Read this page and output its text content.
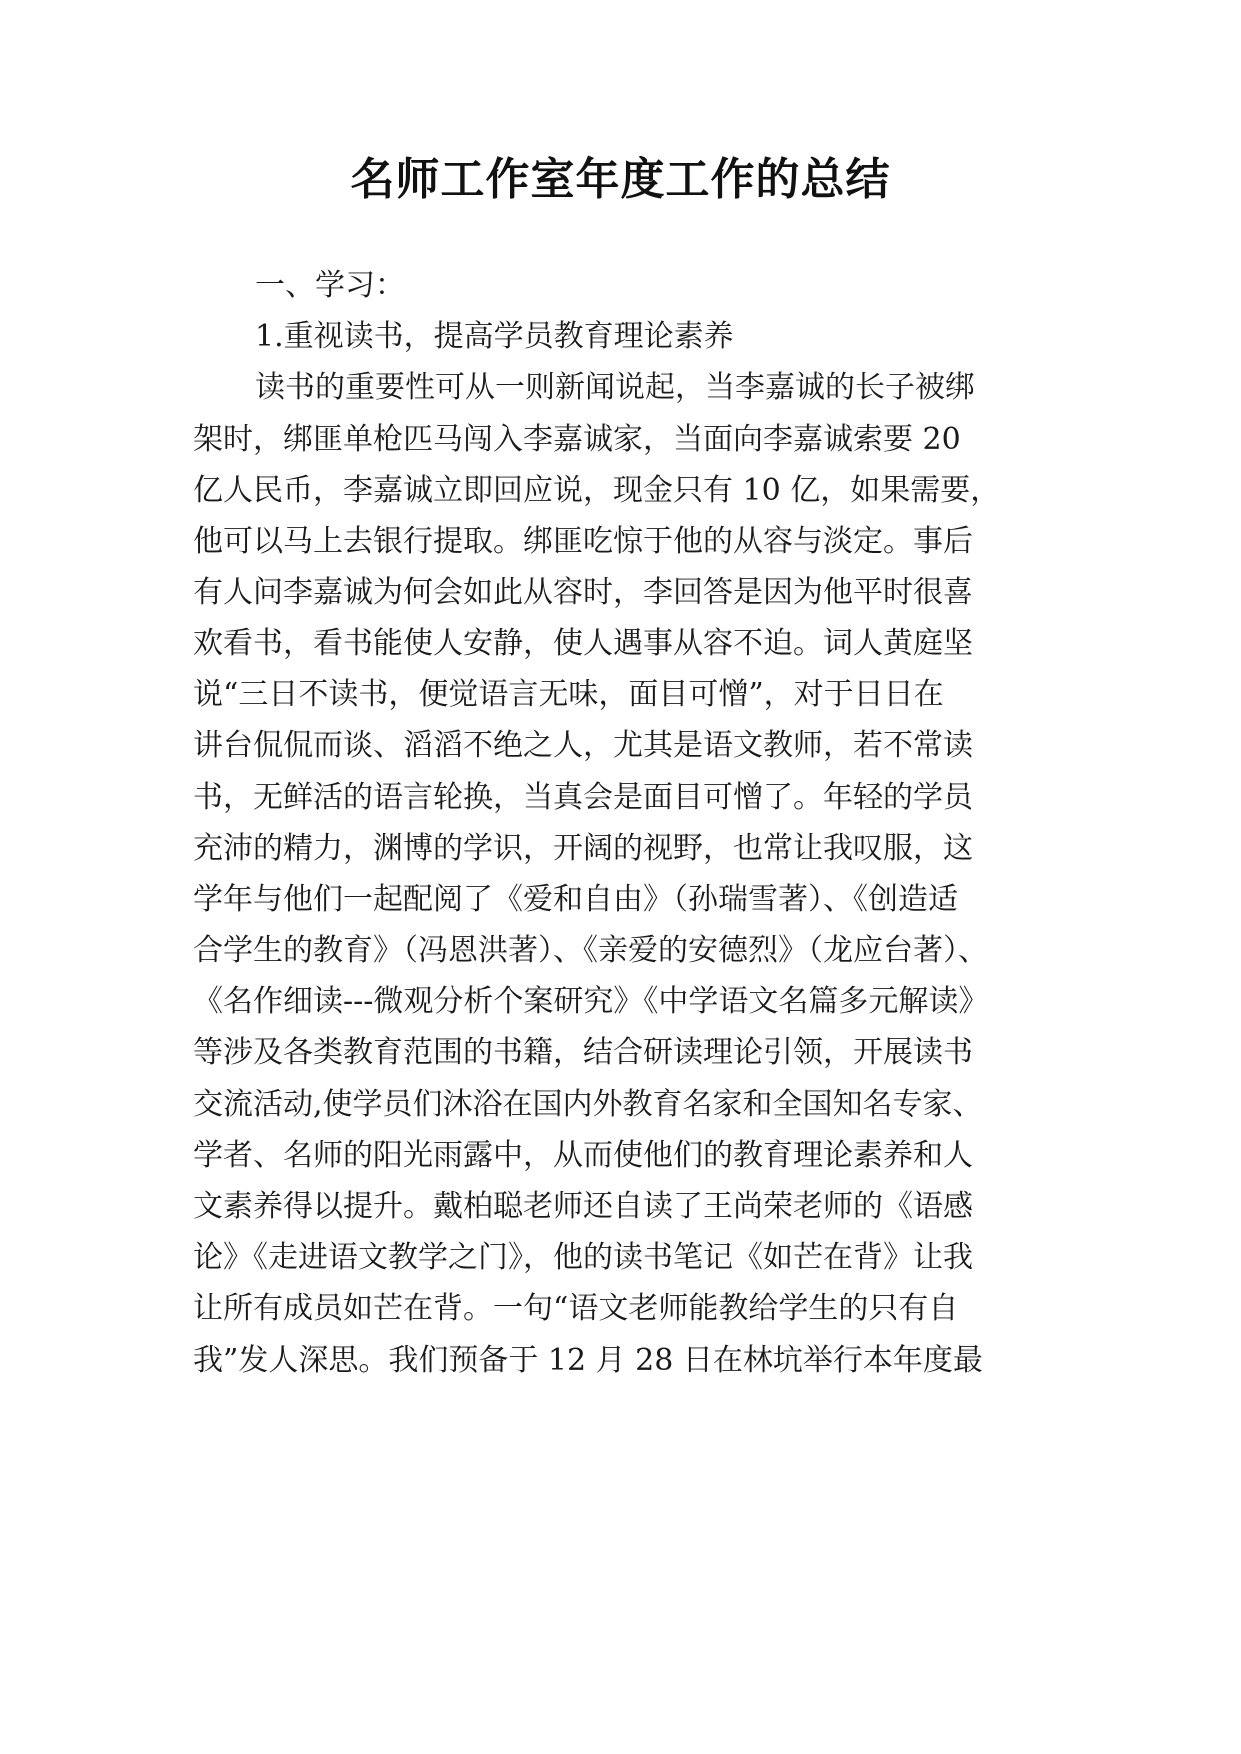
名师工作室年度工作的总结
一、学习：
1.重视读书，提高学员教育理论素养
读书的重要性可从一则新闻说起，当李嘉诚的长子被绑
架时，绑匪单枪匹马闯入李嘉诚家，当面向李嘉诚索要 20
亿人民币，李嘉诚立即回应说，现金只有 10 亿，如果需要，
他可以马上去银行提取。绑匪吃惊于他的从容与淡定。事后
有人问李嘉诚为何会如此从容时，李回答是因为他平时很喜
欢看书，看书能使人安静，使人遇事从容不迫。词人黄庭坚
说“三日不读书，便觉语言无味，面目可憎”，对于日日在
讲台侃侃而谈、滔滔不绝之人，尤其是语文教师，若不常读
书，无鲜活的语言轮换，当真会是面目可憎了。年轻的学员
充沛的精力，渊博的学识，开阔的视野，也常让我叹服，这
学年与他们一起配阅了《爱和自由》（孙瑞雪著）、《创造适
合学生的教育》（冯恩洪著）、《亲爱的安德烈》（龙应台著）、
《名作细读---微观分析个案研究》《中学语文名篇多元解读》
等涉及各类教育范围的书籍，结合研读理论引领，开展读书
交流活动,使学员们沐浴在国内外教育名家和全国知名专家、
学者、名师的阳光雨露中，从而使他们的教育理论素养和人
文素养得以提升。戴柏聪老师还自读了王尚荣老师的《语感
论》《走进语文教学之门》，他的读书笔记《如芒在背》让我
让所有成员如芒在背。一句“语文老师能教给学生的只有自
我”发人深思。我们预备于 12 月 28 日在林坑举行本年度最
